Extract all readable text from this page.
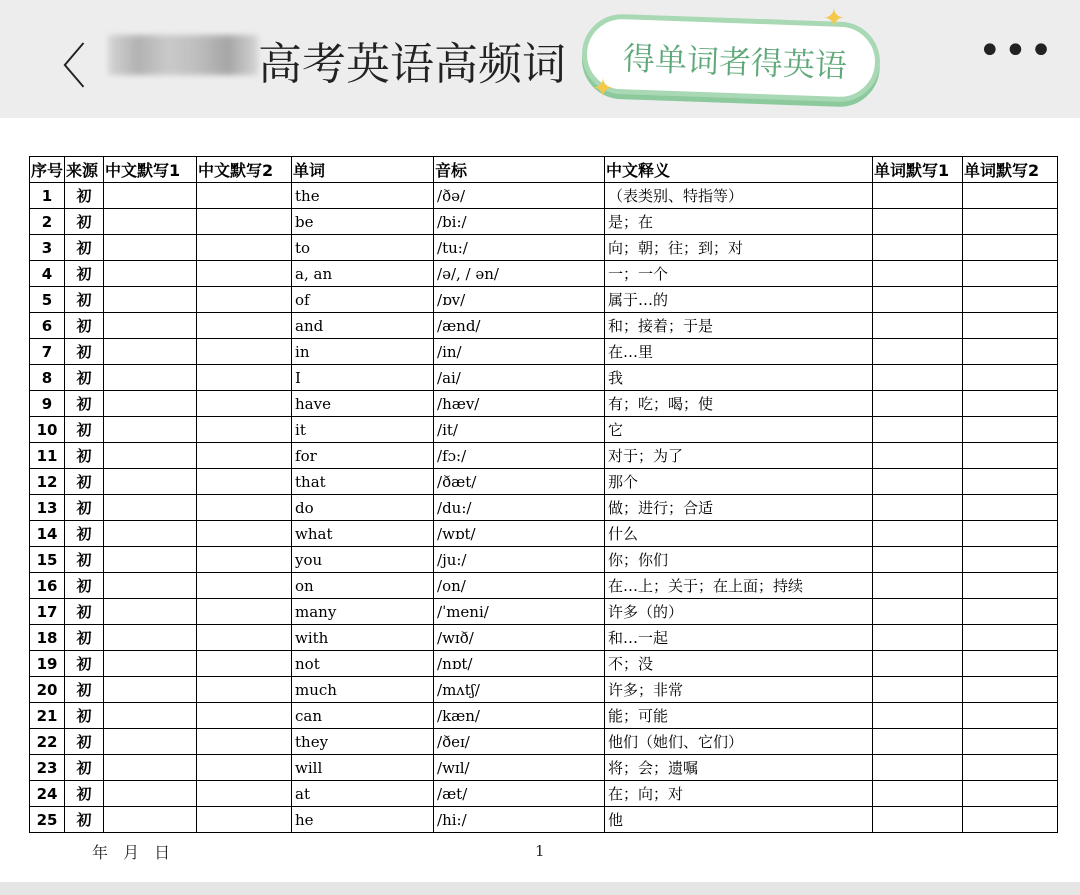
〈	高考英语高频词 得单词者得英语
✦
✦
•••
序号	来源	中文默写1	中文默写2	单词	音标	中文释义	单词默写1	单词默写2
1	初			the	/ðə/	（表类别、特指等）		
2	初			be	/bi:/	是；在		
3	初			to	/tu:/	向；朝；往；到；对		
4	初			a, an	/ə/, / ən/	一；一个		
5	初			of	/ɒv/	属于…的		
6	初			and	/ænd/	和；接着；于是		
7	初			in	/in/	在…里		
8	初			I	/ai/	我		
9	初			have	/hæv/	有；吃；喝；使		
10	初			it	/it/	它		
11	初			for	/fɔ:/	对于；为了		
12	初			that	/ðæt/	那个		
13	初			do	/du:/	做；进行；合适		
14	初			what	/wɒt/	什么		
15	初			you	/ju:/	你；你们		
16	初			on	/on/	在…上；关于；在上面；持续		
17	初			many	/ˈmeni/	许多（的）		
18	初			with	/wɪð/	和…一起		
19	初			not	/nɒt/	不；没		
20	初			much	/mʌtʃ/	许多；非常		
21	初			can	/kæn/	能；可能		
22	初			they	/ðeɪ/	他们（她们、它们）		
23	初			will	/wɪl/	将；会；遗嘱		
24	初			at	/æt/	在；向；对		
25	初			he	/hi:/	他		
年 月 日	1
